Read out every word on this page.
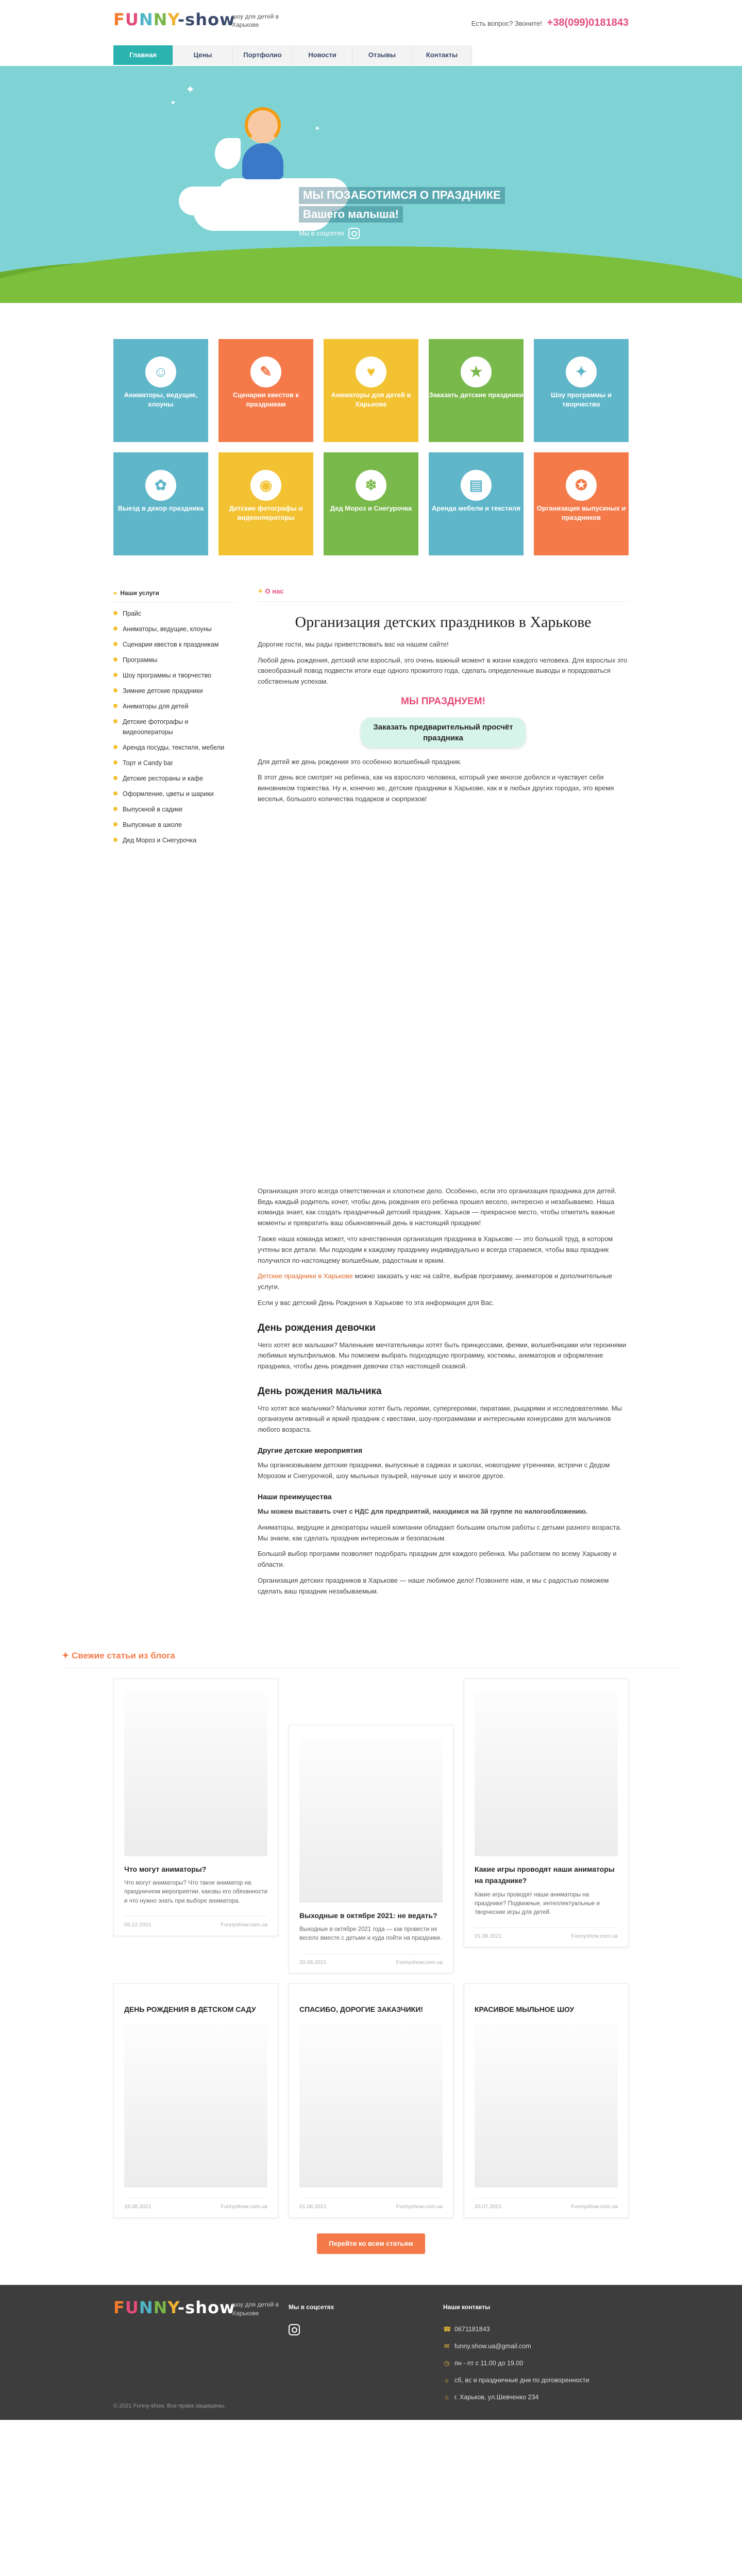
FUNNY-show
шоу для детей в Харькове	Есть вопрос? Звоните! +38(099)0181843
Главная	Цены	Портфолио	Новости	Отзывы	Контакты
✦
✦
✦
МЫ ПОЗАБОТИМСЯ О ПРАЗДНИКЕ
Вашего малыша!
Мы в соцсетях
☺
Аниматоры, ведущие, клоуны
✎
Сценарии квестов к праздникам
♥
Аниматоры для детей в Харькове
★
Заказать детские праздники
✦
Шоу программы и творчество
✿
Выезд в декор праздника
◉
Детские фотографы и видеооператоры
❄
Дед Мороз и Снегурочка
▤
Аренда мебели и текстиля
✪
Организация выпускных и праздников
● Наши услуги
Прайс
Аниматоры, ведущие, клоуны
Сценарии квестов к праздникам
Программы
Шоу программы и творчество
Зимние детские праздники
Аниматоры для детей
Детские фотографы и видеооператоры
Аренда посуды, текстиля, мебели
Торт и Candy bar
Детские рестораны и кафе
Оформление, цветы и шарики
Выпускной в садике
Выпускные в школе
Дед Мороз и Снегурочка
✦ О нас
Организация детских праздников в Харькове

Дорогие гости, мы рады приветствовать вас на нашем сайте!

Любой день рождения, детский или взрослый, это очень важный момент в жизни каждого человека. Для взрослых это своеобразный повод подвести итоги еще одного прожитого года, сделать определенные выводы и порадоваться собственным успехам.

МЫ ПРАЗДНУЕМ!
Заказать предварительный просчёт праздника

Для детей же день рождения это особенно волшебный праздник.

В этот день все смотрят на ребенка, как на взрослого человека, который уже многое добился и чувствует себя виновником торжества. Ну и, конечно же, детские праздники в Харькове, как и в любых других городах, это время веселья, большого количества подарков и сюрпризов!

Организация этого всегда ответственная и хлопотное дело. Особенно, если это организация праздника для детей. Ведь каждый родитель хочет, чтобы день рождения его ребенка прошел весело, интересно и незабываемо. Наша команда знает, как создать праздничный детский праздник. Харьков — прекрасное место, чтобы отметить важные моменты и превратить ваш обыкновенный день в настоящий праздник!

Также наша команда может, что качественная организация праздника в Харькове — это большой труд, в котором учтены все детали. Мы подходим к каждому празднику индивидуально и всегда стараемся, чтобы ваш праздник получился по-настоящему волшебным, радостным и ярким.

Детские праздники в Харькове можно заказать у нас на сайте, выбрав программу, аниматоров и дополнительные услуги.

Если у вас детский День Рождения в Харькове то эта информация для Вас.

День рождения девочки

Чего хотят все малышки? Маленькие мечтательницы хотят быть принцессами, феями, волшебницами или героинями любимых мультфильмов. Мы поможем выбрать подходящую программу, костюмы, аниматоров и оформление праздника, чтобы день рождения девочки стал настоящей сказкой.

День рождения мальчика

Что хотят все мальчики? Мальчики хотят быть героями, супергероями, пиратами, рыцарями и исследователями. Мы организуем активный и яркий праздник с квестами, шоу-программами и интересными конкурсами для мальчиков любого возраста.

Другие детские мероприятия

Мы организовываем детские праздники, выпускные в садиках и школах, новогодние утренники, встречи с Дедом Морозом и Снегурочкой, шоу мыльных пузырей, научные шоу и многое другое.

Наши преимущества

Мы можем выставить счет с НДС для предприятий, находимся на 3й группе по налогообложению.

Аниматоры, ведущие и декораторы нашей компании обладают большим опытом работы с детьми разного возраста. Мы знаем, как сделать праздник интересным и безопасным.

Большой выбор программ позволяет подобрать праздник для каждого ребенка. Мы работаем по всему Харькову и области.

Организация детских праздников в Харькове — наше любимое дело! Позвоните нам, и мы с радостью поможем сделать ваш праздник незабываемым.

✦ Свежие статьи из блога
Что могут аниматоры?
Что могут аниматоры? Что такое аниматор на праздничном мероприятии, каковы его обязанности и что нужно знать при выборе аниматора.
05.12.2021	Funnyshow.com.ua
Выходные в октябре 2021: не ведать?
Выходные в октябре 2021 года — как провести их весело вместе с детьми и куда пойти на праздники.
20.09.2021	Funnyshow.com.ua
Какие игры проводят наши аниматоры на празднике?
Какие игры проводят наши аниматоры на празднике? Подвижные, интеллектуальные и творческие игры для детей.
01.09.2021	Funnyshow.com.ua
ДЕНЬ РОЖДЕНИЯ В ДЕТСКОМ САДУ
15.08.2021	Funnyshow.com.ua
СПАСИБО, ДОРОГИЕ ЗАКАЗЧИКИ!
01.08.2021	Funnyshow.com.ua
КРАСИВОЕ МЫЛЬНОЕ ШОУ
20.07.2021	Funnyshow.com.ua
Перейти ко всем статьям
FUNNY-show
шоу для детей в Харькове
Мы в соцсетях	Наши контакты
☎ 0671181843
✉ funny.show.ua@gmail.com
◷ пн - пт с 11.00 до 19.00
☼ сб, вс и праздничные дни по договоренности
⌂ г. Харьков, ул.Шевченко 234
© 2021 Funny-show. Все права защищены.
